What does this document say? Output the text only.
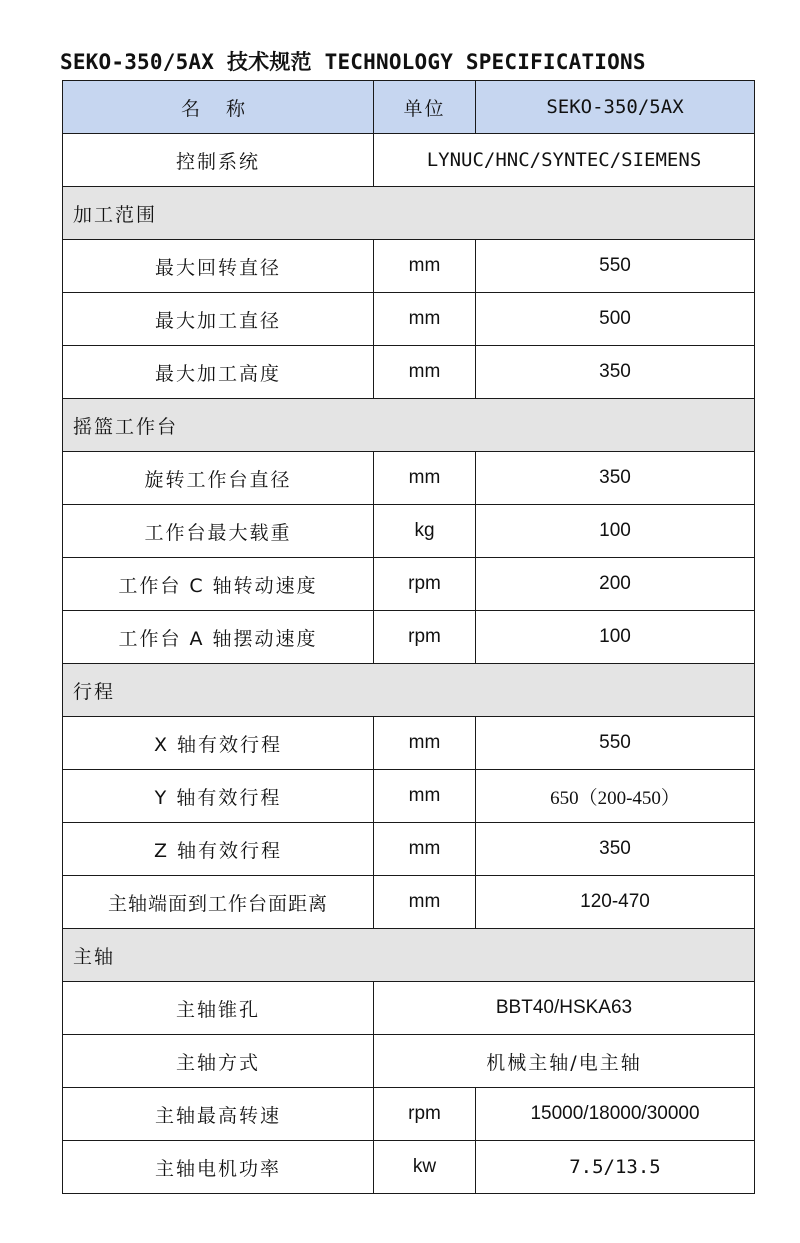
SEKO-350/5AX 技术规范 TECHNOLOGY SPECIFICATIONS
名 称	单位	SEKO-350/5AX
控制系统	LYNUC/HNC/SYNTEC/SIEMENS	
加工范围		
最大回转直径	mm	550
最大加工直径	mm	500
最大加工高度	mm	350
摇篮工作台		
旋转工作台直径	mm	350
工作台最大载重	kg	100
工作台 C 轴转动速度	rpm	200
工作台 A 轴摆动速度	rpm	100
行程		
X 轴有效行程	mm	550
Y 轴有效行程	mm	650（200-450）
Z 轴有效行程	mm	350
主轴端面到工作台面距离	mm	120-470
主轴		
主轴锥孔	BBT40/HSKA63	
主轴方式	机械主轴/电主轴	
主轴最高转速	rpm	15000/18000/30000
主轴电机功率	kw	7.5/13.5
